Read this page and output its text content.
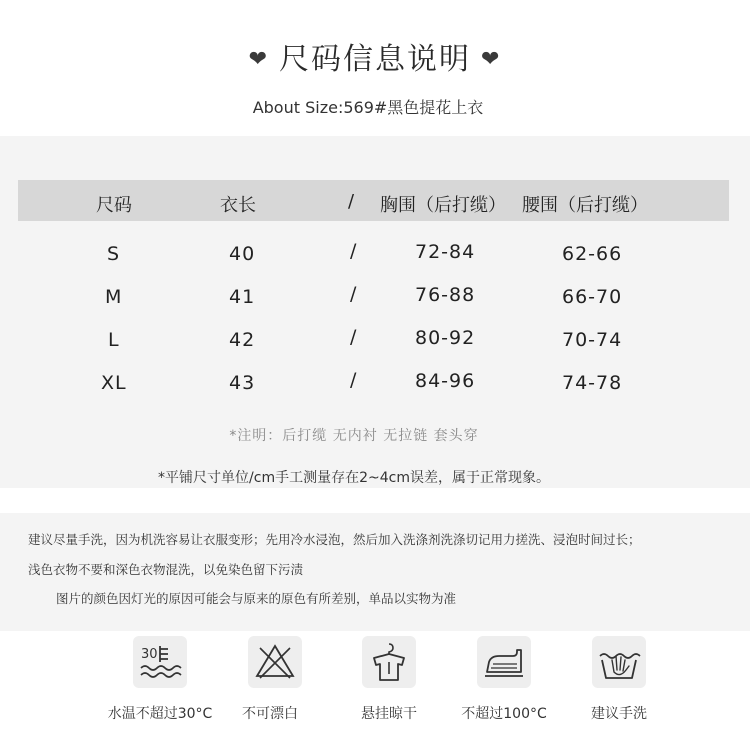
❤ 尺码信息说明 ❤
About Size:569#黑色提花上衣
尺码	衣长	/ 胸围（后打缆） 腰围（后打缆）
S	40	/	72-84	62-66
M	41	/	76-88	66-70
L	42	/	80-92	70-74
XL	43	/	84-96	74-78
*注明：后打缆 无内衬 无拉链 套头穿
*平铺尺寸单位/cm手工测量存在2~4cm误差，属于正常现象。
建议尽量手洗，因为机洗容易让衣服变形；先用冷水浸泡，然后加入洗涤剂洗涤切记用力搓洗、浸泡时间过长；
浅色衣物不要和深色衣物混洗，以免染色留下污渍
图片的颜色因灯光的原因可能会与原来的原色有所差别，单品以实物为准
30
水温不超过30°C	不可漂白	悬挂晾干	不超过100°C	建议手洗
